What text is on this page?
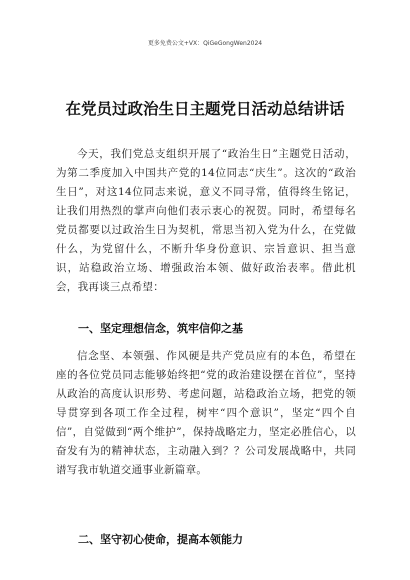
更多免费公文+VX：QiGeGongWen2024
在党员过政治生日主题党日活动总结讲话
今天，我们党总支组织开展了“政治生日”主题党日活动，为第二季度加入中国共产党的14位同志“庆生”。这次的“政治生日”，对这14位同志来说，意义不同寻常，值得终生铭记，让我们用热烈的掌声向他们表示衷心的祝贺。同时，希望每名党员都要以过政治生日为契机，常思当初入党为什么，在党做什么，为党留什么，不断升华身份意识、宗旨意识、担当意识，站稳政治立场、增强政治本领、做好政治表率。借此机会，我再谈三点希望：
一、坚定理想信念，筑牢信仰之基
信念坚、本领强、作风硬是共产党员应有的本色，希望在座的各位党员同志能够始终把“党的政治建设摆在首位”，坚持从政治的高度认识形势、考虑问题，站稳政治立场，把党的领导贯穿到各项工作全过程，树牢“四个意识”，坚定“四个自信”，自觉做到“两个维护”，保持战略定力，坚定必胜信心，以奋发有为的精神状态，主动融入到？？公司发展战略中，共同谱写我市轨道交通事业新篇章。
二、坚守初心使命，提高本领能力
